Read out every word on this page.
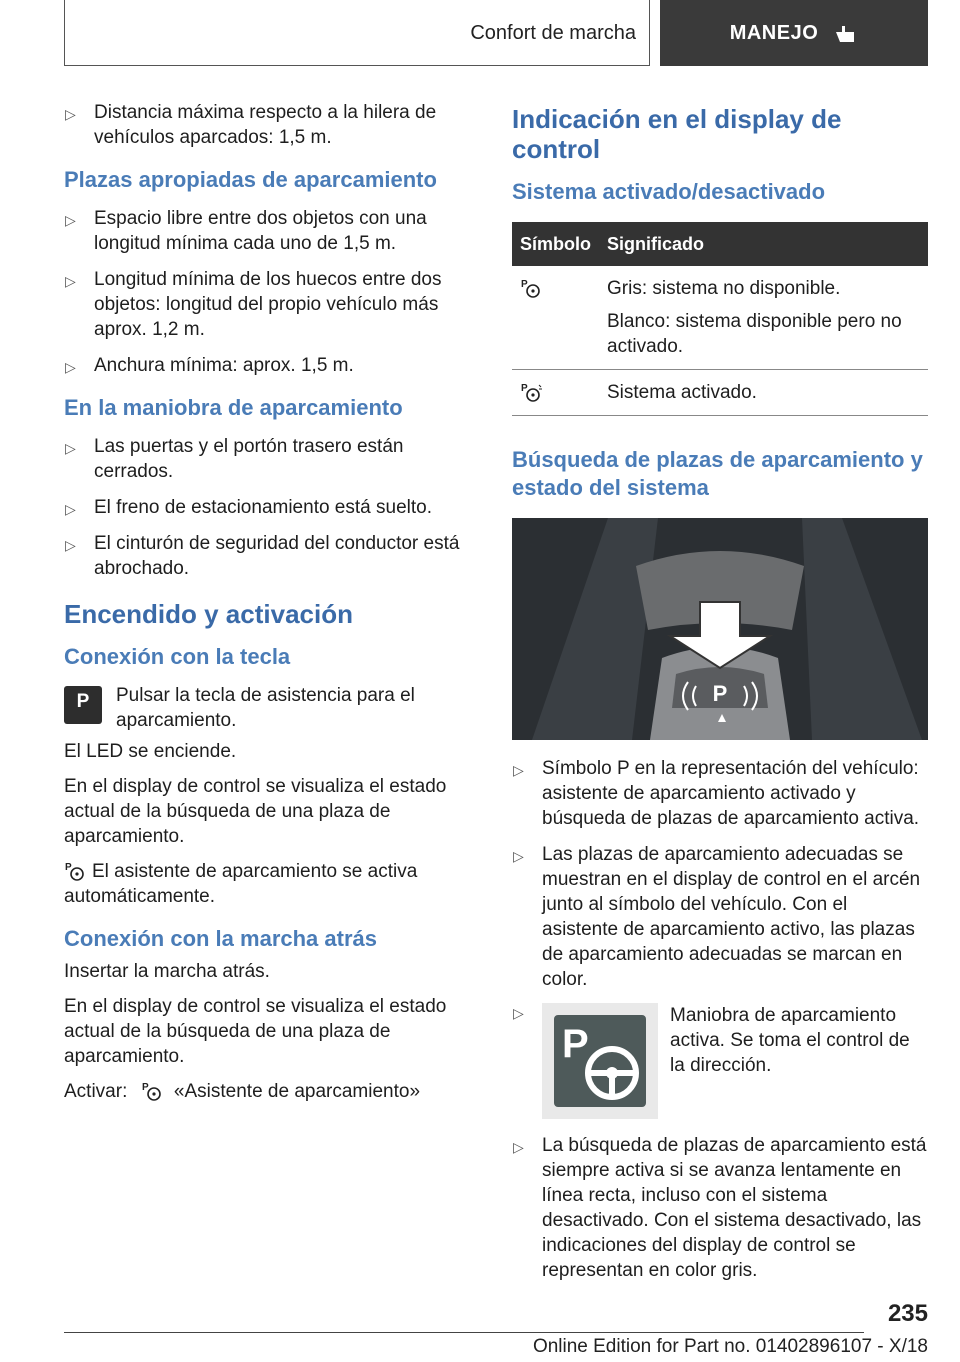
Confort de marcha	MANEJO
▷ Distancia máxima respecto a la hilera de vehículos aparcados: 1,5 m.
Plazas apropiadas de aparcamiento
▷ Espacio libre entre dos objetos con una longitud mínima cada uno de 1,5 m.
▷ Longitud mínima de los huecos entre dos objetos: longitud del propio vehículo más aprox. 1,2 m.
▷ Anchura mínima: aprox. 1,5 m.
En la maniobra de aparcamiento
▷ Las puertas y el portón trasero están cerrados.
▷ El freno de estacionamiento está suelto.
▷ El cinturón de seguridad del conductor está abrochado.
Encendido y activación
Conexión con la tecla
P	Pulsar la tecla de asistencia para el aparcamiento.
El LED se enciende.
En el display de control se visualiza el estado actual de la búsqueda de una plaza de aparcamiento.
P El asistente de aparcamiento se activa automáticamente.
Conexión con la marcha atrás
Insertar la marcha atrás.
En el display de control se visualiza el estado actual de la búsqueda de una plaza de aparcamiento.
Activar: P «Asistente de aparcamiento»
Indicación en el display de control
Sistema activado/desactivado
Símbolo	Significado

P	Gris: sistema no disponible.

Blanco: sistema disponible pero no activado.

P	Sistema activado.
Búsqueda de plazas de aparcamiento y estado del sistema
P
▷ Símbolo P en la representación del vehículo: asistente de aparcamiento activado y búsqueda de plazas de aparcamiento activa.
▷ Las plazas de aparcamiento adecuadas se muestran en el display de control en el arcén junto al símbolo del vehículo. Con el asistente de aparcamiento activo, las plazas de aparcamiento adecuadas se marcan en color.
▷
P
Maniobra de aparcamiento activa. Se toma el control de la dirección.
▷ La búsqueda de plazas de aparcamiento está siempre activa si se avanza lentamente en línea recta, incluso con el sistema desactivado. Con el sistema desactivado, las indicaciones del display de control se representan en color gris.
235
Online Edition for Part no. 01402896107 - X/18
